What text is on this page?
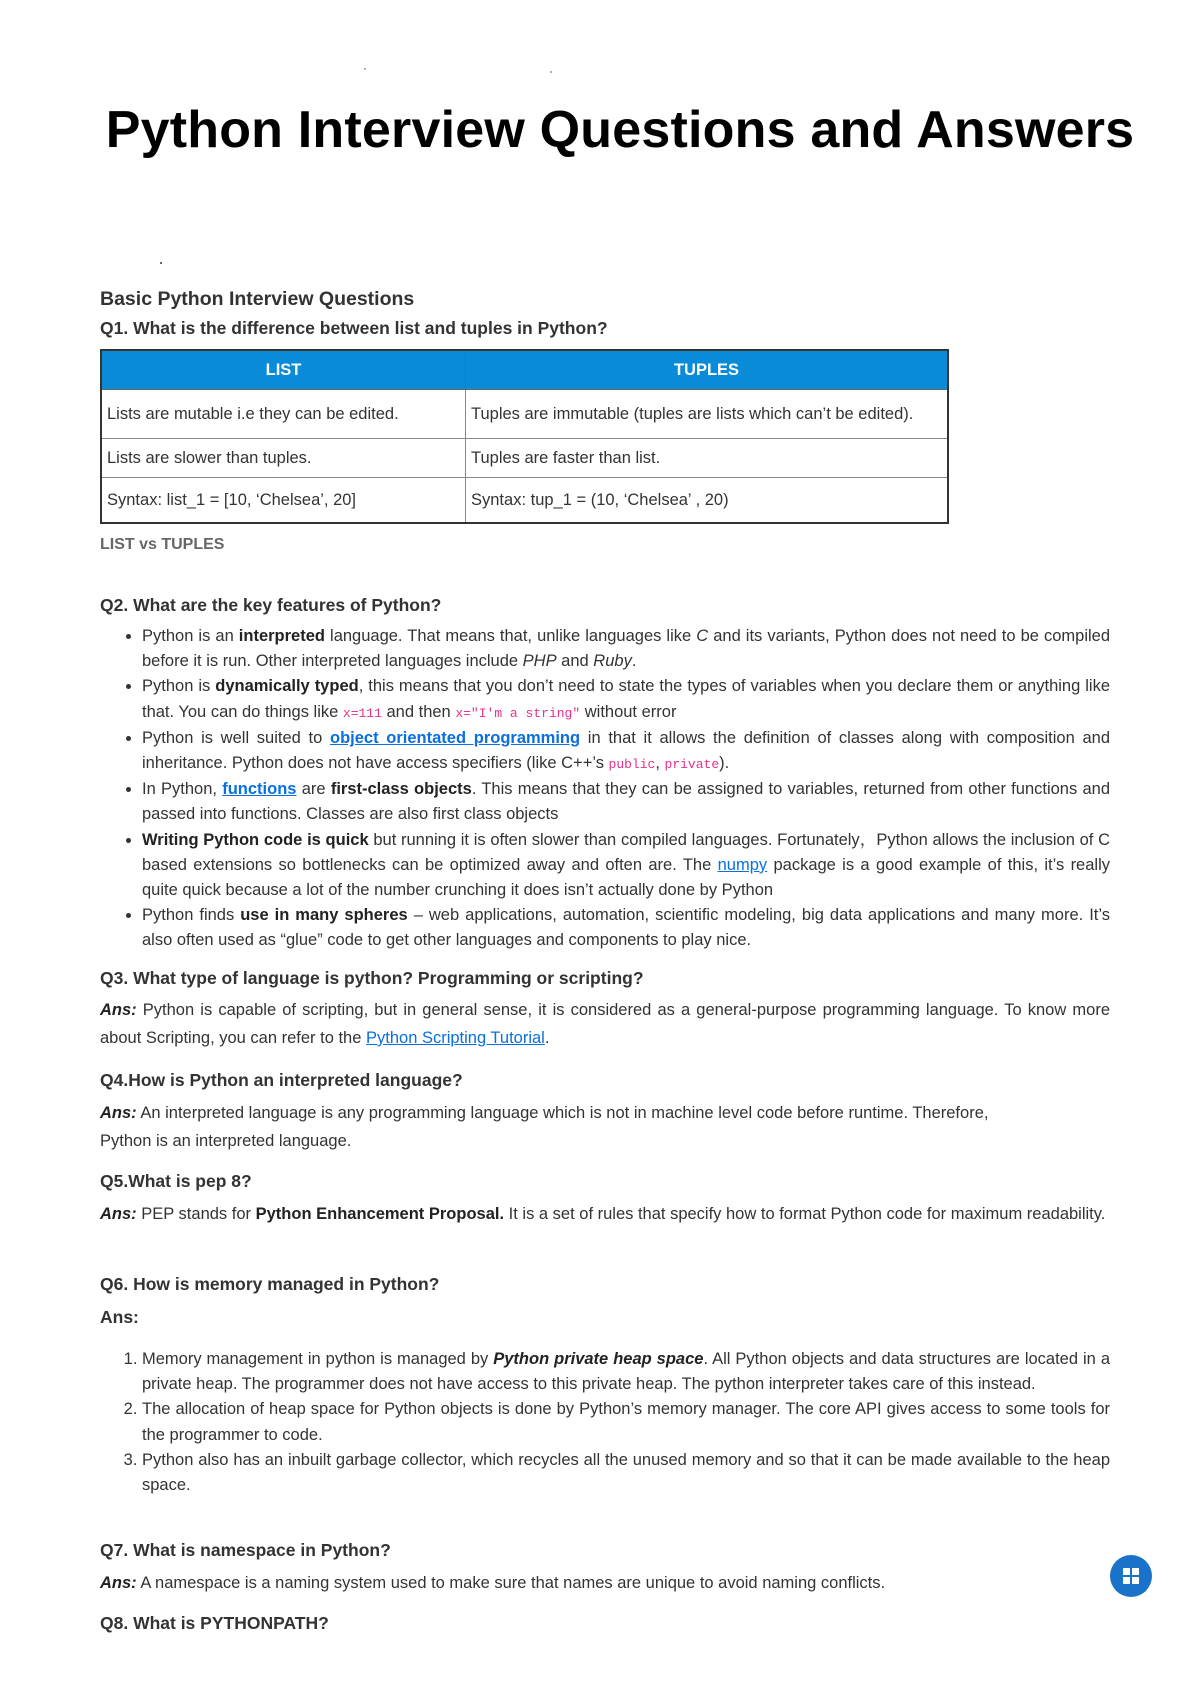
Python Interview Questions and Answers
Basic Python Interview Questions
Q1. What is the difference between list and tuples in Python?
LIST	TUPLES
Lists are mutable i.e they can be edited.	Tuples are immutable (tuples are lists which can’t be edited).
Lists are slower than tuples.	Tuples are faster than list.
Syntax: list_1 = [10, ‘Chelsea’, 20]	Syntax: tup_1 = (10, ‘Chelsea’ , 20)
LIST vs TUPLES
Q2. What are the key features of Python?
• Python is an interpreted language. That means that, unlike languages like C and its variants, Python does not need to be compiled before it is run. Other interpreted languages include PHP and Ruby.
• Python is dynamically typed, this means that you don’t need to state the types of variables when you declare them or anything like that. You can do things like x=111 and then x="I'm a string" without error
• Python is well suited to object orientated programming in that it allows the definition of classes along with composition and inheritance. Python does not have access specifiers (like C++’s public, private).
• In Python, functions are first-class objects. This means that they can be assigned to variables, returned from other functions and passed into functions. Classes are also first class objects
• Writing Python code is quick but running it is often slower than compiled languages. Fortunately，Python allows the inclusion of C based extensions so bottlenecks can be optimized away and often are. The numpy package is a good example of this, it’s really quite quick because a lot of the number crunching it does isn’t actually done by Python
• Python finds use in many spheres – web applications, automation, scientific modeling, big data applications and many more. It’s also often used as “glue” code to get other languages and components to play nice.
Q3. What type of language is python? Programming or scripting?
Ans: Python is capable of scripting, but in general sense, it is considered as a general-purpose programming language. To know more about Scripting, you can refer to the Python Scripting Tutorial.
Q4.How is Python an interpreted language?
Ans: An interpreted language is any programming language which is not in machine level code before runtime. Therefore,
Python is an interpreted language.
Q5.What is pep 8?
Ans: PEP stands for Python Enhancement Proposal. It is a set of rules that specify how to format Python code for maximum readability.
Q6. How is memory managed in Python?
Ans:
1. Memory management in python is managed by Python private heap space. All Python objects and data structures are located in a private heap. The programmer does not have access to this private heap. The python interpreter takes care of this instead.
2. The allocation of heap space for Python objects is done by Python’s memory manager. The core API gives access to some tools for the programmer to code.
3. Python also has an inbuilt garbage collector, which recycles all the unused memory and so that it can be made available to the heap space.
Q7. What is namespace in Python?
Ans: A namespace is a naming system used to make sure that names are unique to avoid naming conflicts.
Q8. What is PYTHONPATH?
